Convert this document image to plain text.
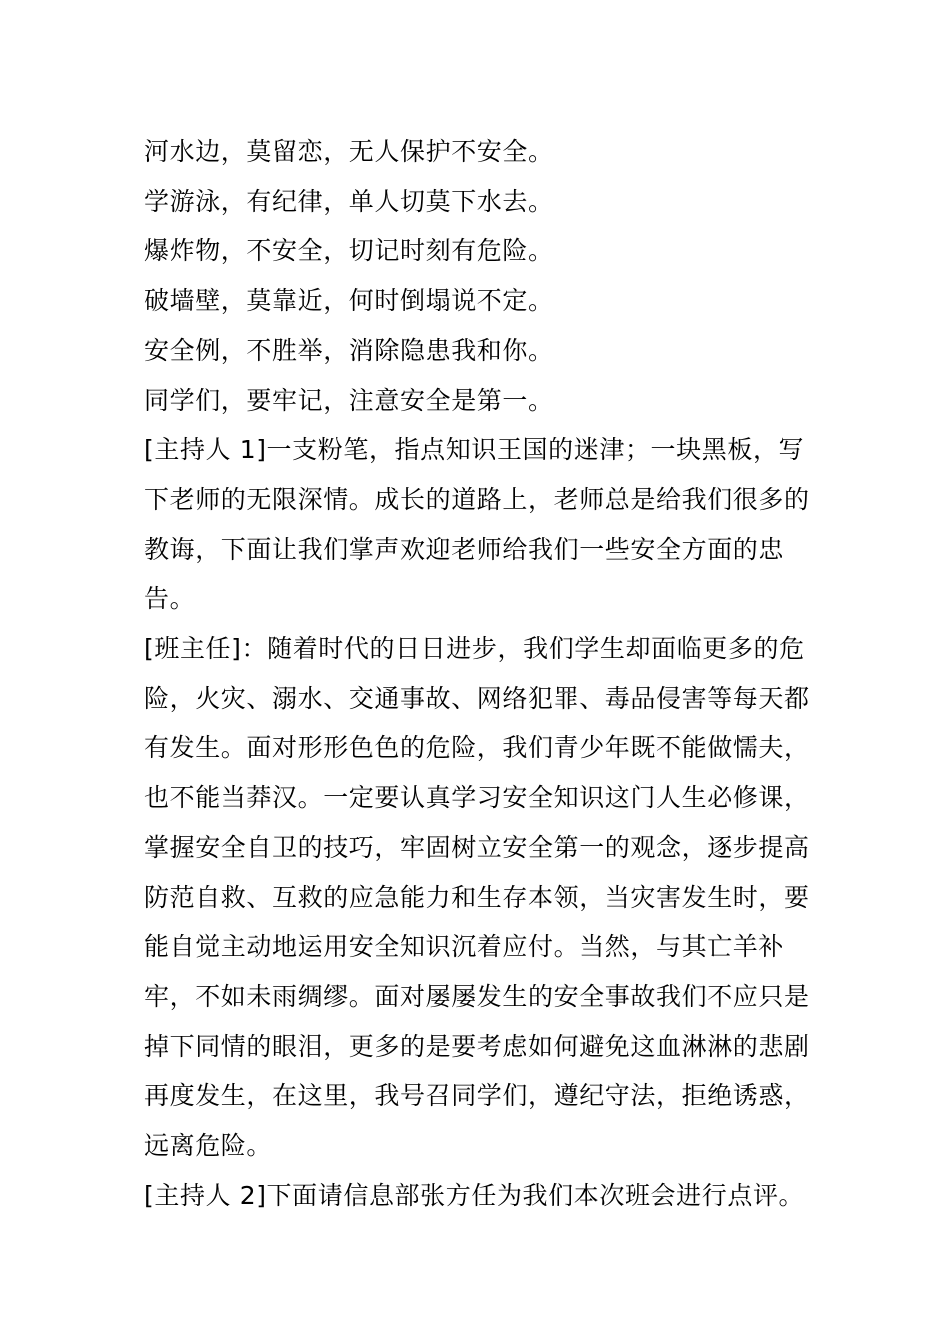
河水边，莫留恋，无人保护不安全。

学游泳，有纪律，单人切莫下水去。

爆炸物，不安全，切记时刻有危险。

破墙壁，莫靠近，何时倒塌说不定。

安全例，不胜举，消除隐患我和你。

同学们，要牢记，注意安全是第一。

[主持人 1]一支粉笔，指点知识王国的迷津；一块黑板，写下老师的无限深情。成长的道路上，老师总是给我们很多的教诲，下面让我们掌声欢迎老师给我们一些安全方面的忠告。

[班主任]：随着时代的日日进步，我们学生却面临更多的危险，火灾、溺水、交通事故、网络犯罪、毒品侵害等每天都有发生。面对形形色色的危险，我们青少年既不能做懦夫，也不能当莽汉。一定要认真学习安全知识这门人生必修课，掌握安全自卫的技巧，牢固树立安全第一的观念，逐步提高防范自救、互救的应急能力和生存本领，当灾害发生时，要能自觉主动地运用安全知识沉着应付。当然，与其亡羊补牢，不如未雨绸缪。面对屡屡发生的安全事故我们不应只是掉下同情的眼泪，更多的是要考虑如何避免这血淋淋的悲剧再度发生，在这里，我号召同学们，遵纪守法，拒绝诱惑，远离危险。

[主持人 2]下面请信息部张方任为我们本次班会进行点评。
